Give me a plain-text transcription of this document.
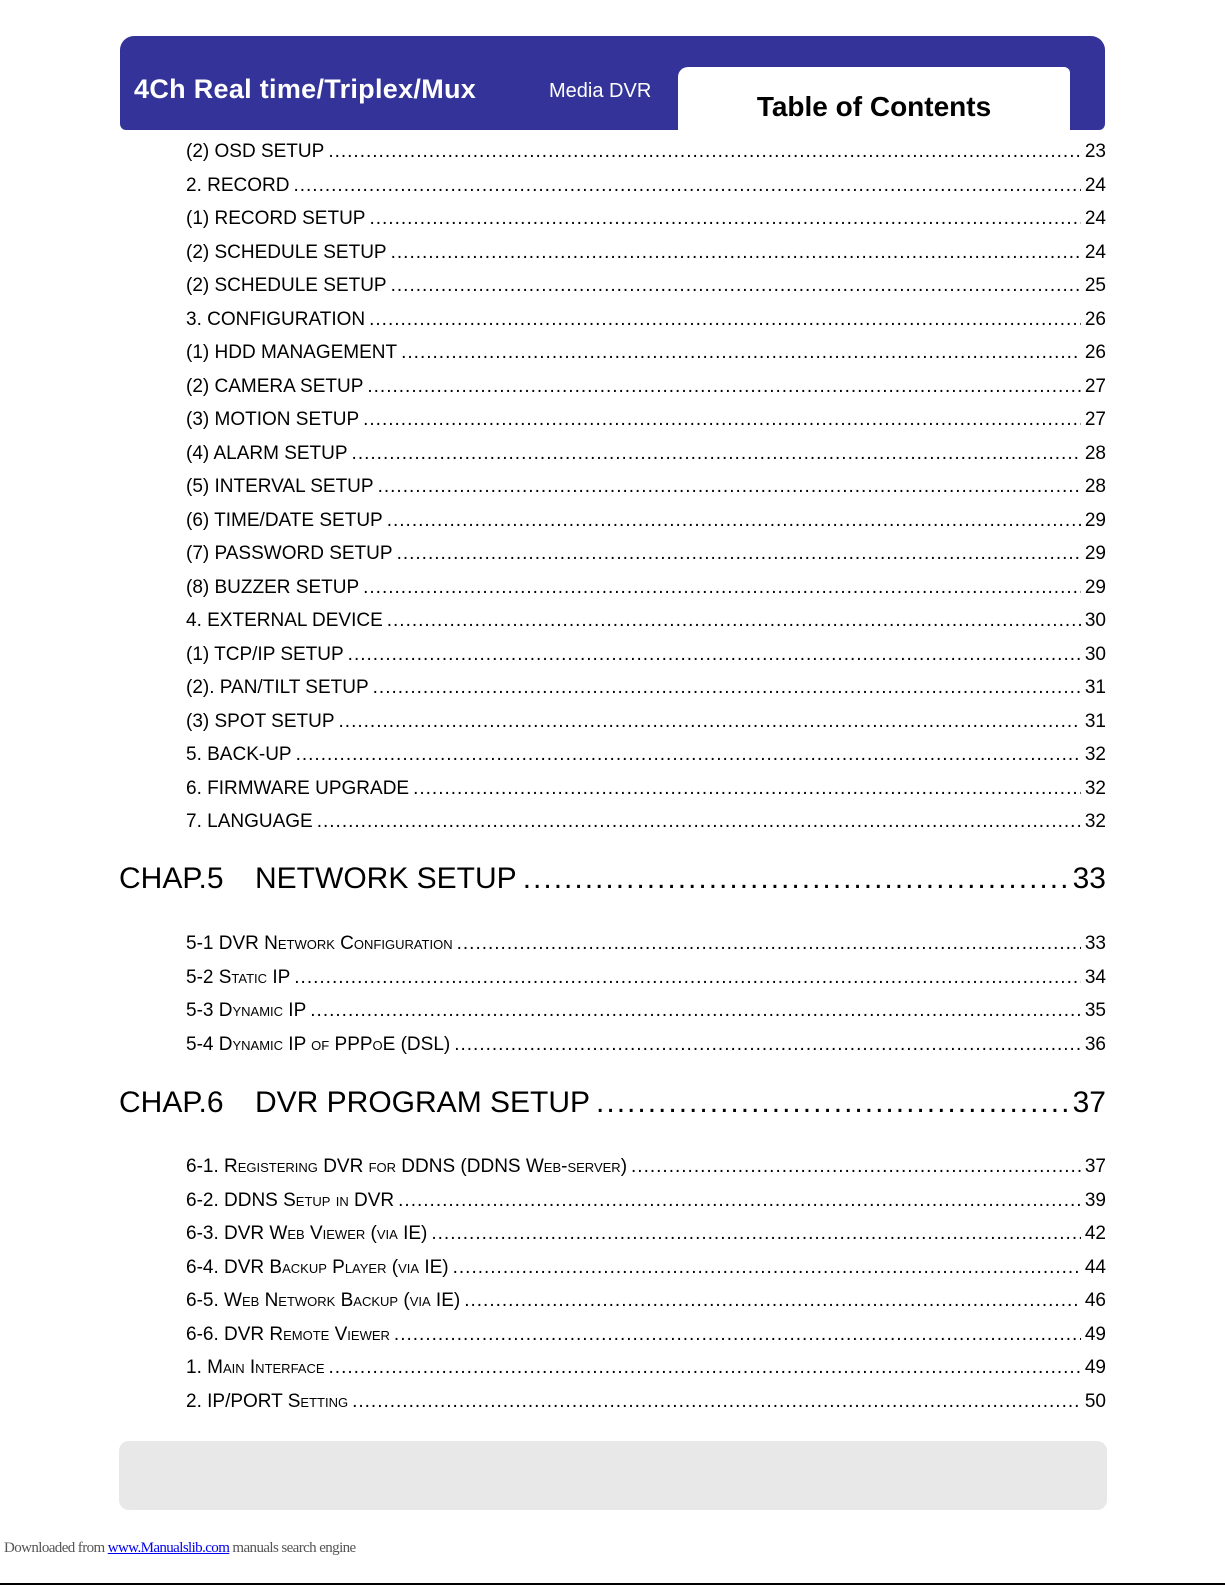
4Ch Real time/Triplex/Mux	Media DVR	Table of Contents
(2) OSD SETUP .....	23
2. RECORD .....	24
(1) RECORD SETUP .....	24
(2) SCHEDULE SETUP .....	24
(2) SCHEDULE SETUP .....	25
3. CONFIGURATION .....	26
(1) HDD MANAGEMENT .....	26
(2) CAMERA SETUP .....	27
(3) MOTION SETUP .....	27
(4) ALARM SETUP .....	28
(5) INTERVAL SETUP .....	28
(6) TIME/DATE SETUP .....	29
(7) PASSWORD SETUP .....	29
(8) BUZZER SETUP .....	29
4. EXTERNAL DEVICE .....	30
(1) TCP/IP SETUP .....	30
(2). PAN/TILT SETUP .....	31
(3) SPOT SETUP .....	31
5. BACK-UP .....	32
6. FIRMWARE UPGRADE .....	32
7. LANGUAGE .....	32
CHAP.5	NETWORK SETUP .....	33
5-1 DVR Network Configuration .....	33
5-2 Static IP .....	34
5-3 Dynamic IP .....	35
5-4 Dynamic IP of PPPoE (DSL) .....	36
CHAP.6	DVR PROGRAM SETUP .....	37
6-1. Registering DVR for DDNS (DDNS Web-server) .....	37
6-2. DDNS Setup in DVR .....	39
6-3. DVR Web Viewer (via IE) .....	42
6-4. DVR Backup Player (via IE) .....	44
6-5. Web Network Backup (via IE) .....	46
6-6. DVR Remote Viewer .....	49
1. Main Interface .....	49
2. IP/PORT Setting .....	50
Downloaded from www.Manualslib.com manuals search engine
